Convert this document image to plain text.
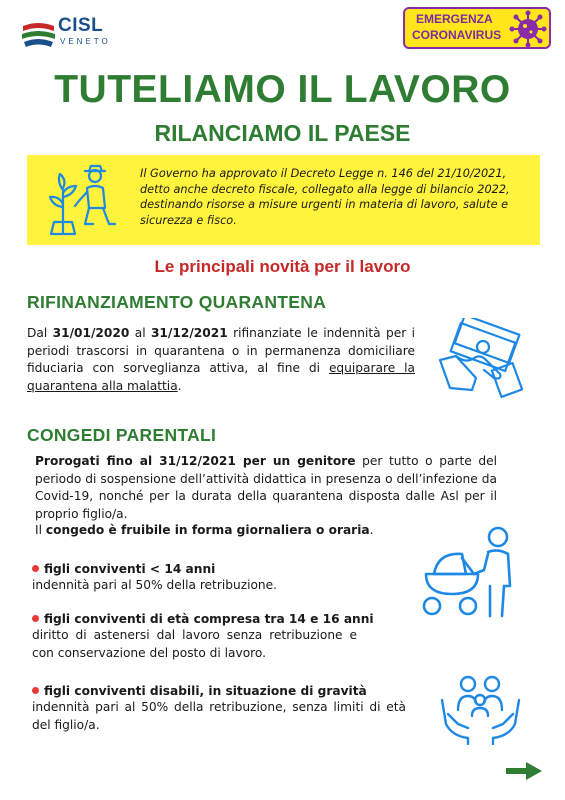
CISL
VENETO
EMERGENZA
CORONAVIRUS
TUTELIAMO IL LAVORO
RILANCIAMO IL PAESE
Il Governo ha approvato il Decreto Legge n. 146 del 21/10/2021, detto anche decreto fiscale, collegato alla legge di bilancio 2022, destinando risorse a misure urgenti in materia di lavoro, salute e sicurezza e fisco.
Le principali novità per il lavoro
RIFINANZIAMENTO QUARANTENA
Dal 31/01/2020 al 31/12/2021 rifinanziate le indennità per i periodi trascorsi in quarantena o in permanenza domiciliare fiduciaria con sorveglianza attiva, al fine di equiparare la quarantena alla malattia.
CONGEDI PARENTALI
Prorogati fino al 31/12/2021 per un genitore per tutto o parte del periodo di sospensione dell’attività didattica in presenza o dell’infezione da Covid-19, nonché per la durata della quarantena disposta dalle Asl per il proprio figlio/a.
Il congedo è fruibile in forma giornaliera o oraria.
figli conviventi < 14 anni
indennità pari al 50% della retribuzione.
figli conviventi di età compresa tra 14 e 16 anni
diritto di astenersi dal lavoro senza retribuzione e con conservazione del posto di lavoro.
figli conviventi disabili, in situazione di gravità
indennità pari al 50% della retribuzione, senza limiti di età del figlio/a.
